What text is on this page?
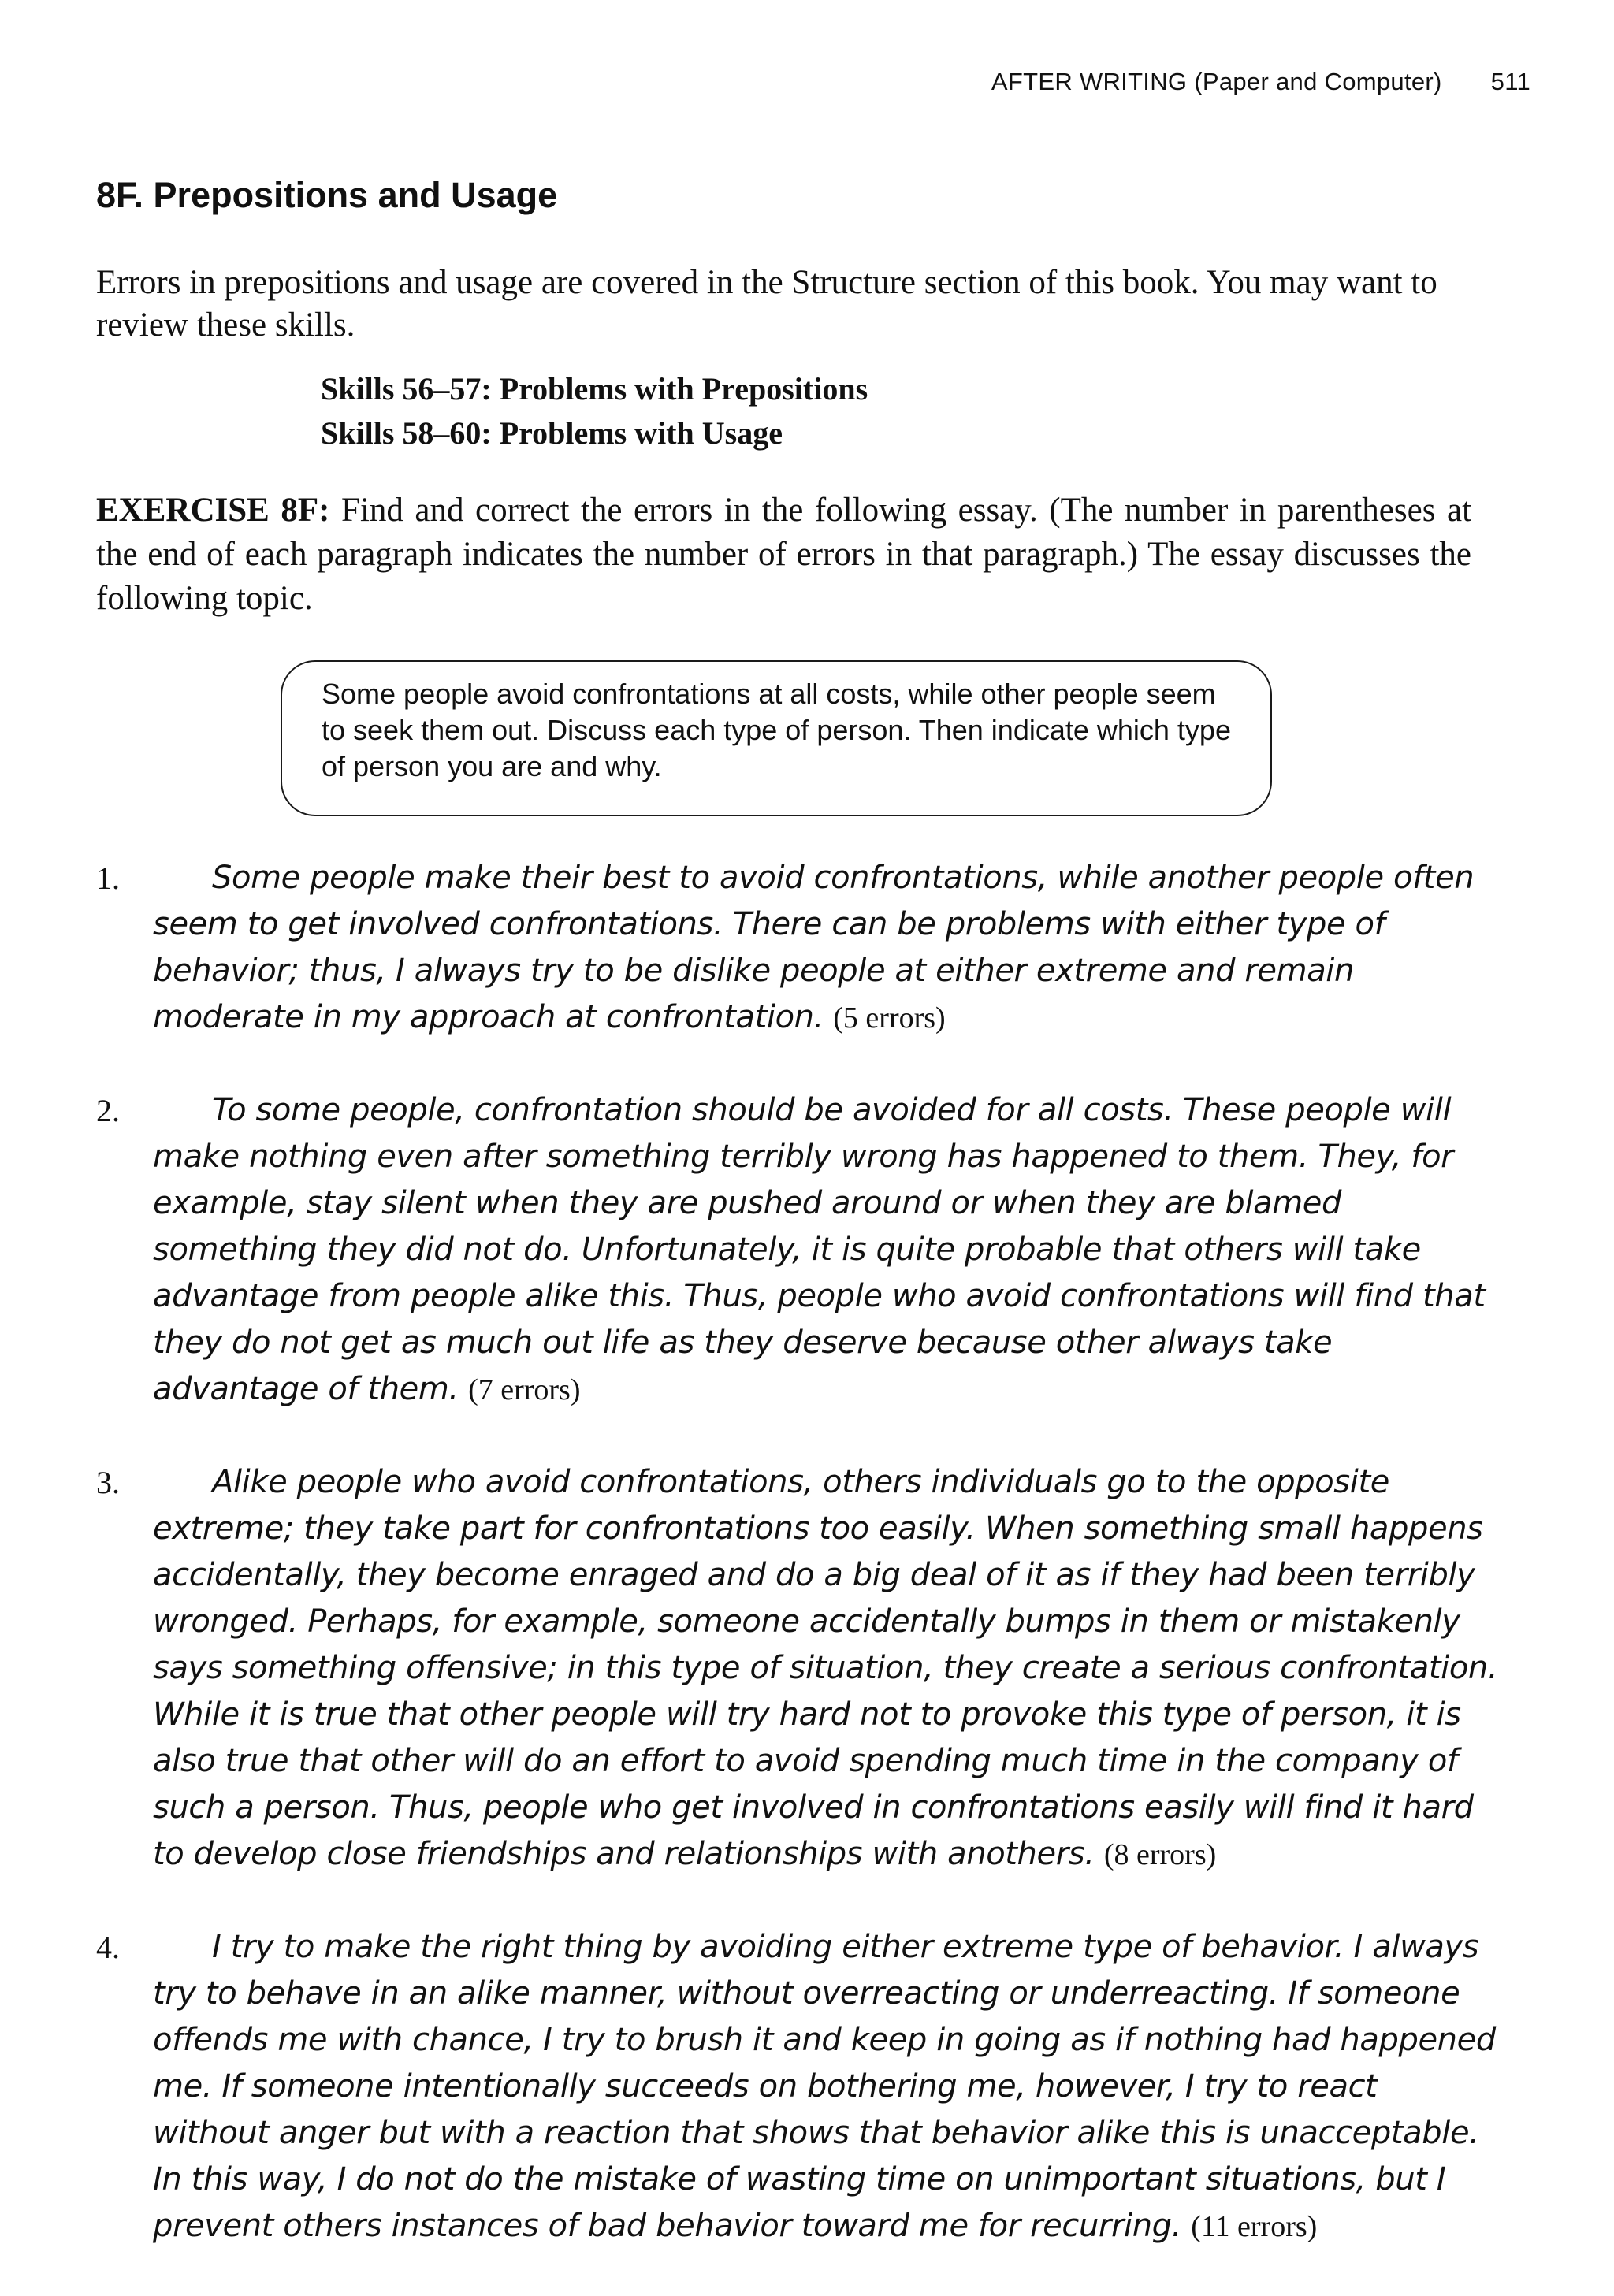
AFTER WRITING (Paper and Computer) 511
8F. Prepositions and Usage

Errors in prepositions and usage are covered in the Structure section of this book. You may want to review these skills.

Skills 56–57: Problems with Prepositions
Skills 58–60: Problems with Usage

EXERCISE 8F: Find and correct the errors in the following essay. (The number in parentheses at the end of each paragraph indicates the number of errors in that paragraph.) The essay discusses the following topic.

Some people avoid confrontations at all costs, while other people seem to seek them out. Discuss each type of person. Then indicate which type of person you are and why.
1.	Some people make their best to avoid confrontations, while another people often seem to get involved confrontations. There can be problems with either type of behavior; thus, I always try to be dislike people at either extreme and remain moderate in my approach at confrontation. (5 errors)

2.	To some people, confrontation should be avoided for all costs. These people will make nothing even after something terribly wrong has happened to them. They, for example, stay silent when they are pushed around or when they are blamed something they did not do. Unfortunately, it is quite probable that others will take advantage from people alike this. Thus, people who avoid confrontations will find that they do not get as much out life as they deserve because other always take advantage of them. (7 errors)

3.	Alike people who avoid confrontations, others individuals go to the opposite extreme; they take part for confrontations too easily. When something small happens accidentally, they become enraged and do a big deal of it as if they had been terribly wronged. Perhaps, for example, someone accidentally bumps in them or mistakenly says something offensive; in this type of situation, they create a serious confrontation. While it is true that other people will try hard not to provoke this type of person, it is also true that other will do an effort to avoid spending much time in the company of such a person. Thus, people who get involved in confrontations easily will find it hard to develop close friendships and relationships with anothers. (8 errors)

4.	I try to make the right thing by avoiding either extreme type of behavior. I always try to behave in an alike manner, without overreacting or underreacting. If someone offends me with chance, I try to brush it and keep in going as if nothing had happened me. If someone intentionally succeeds on bothering me, however, I try to react without anger but with a reaction that shows that behavior alike this is unacceptable. In this way, I do not do the mistake of wasting time on unimportant situations, but I prevent others instances of bad behavior toward me for recurring. (11 errors)
